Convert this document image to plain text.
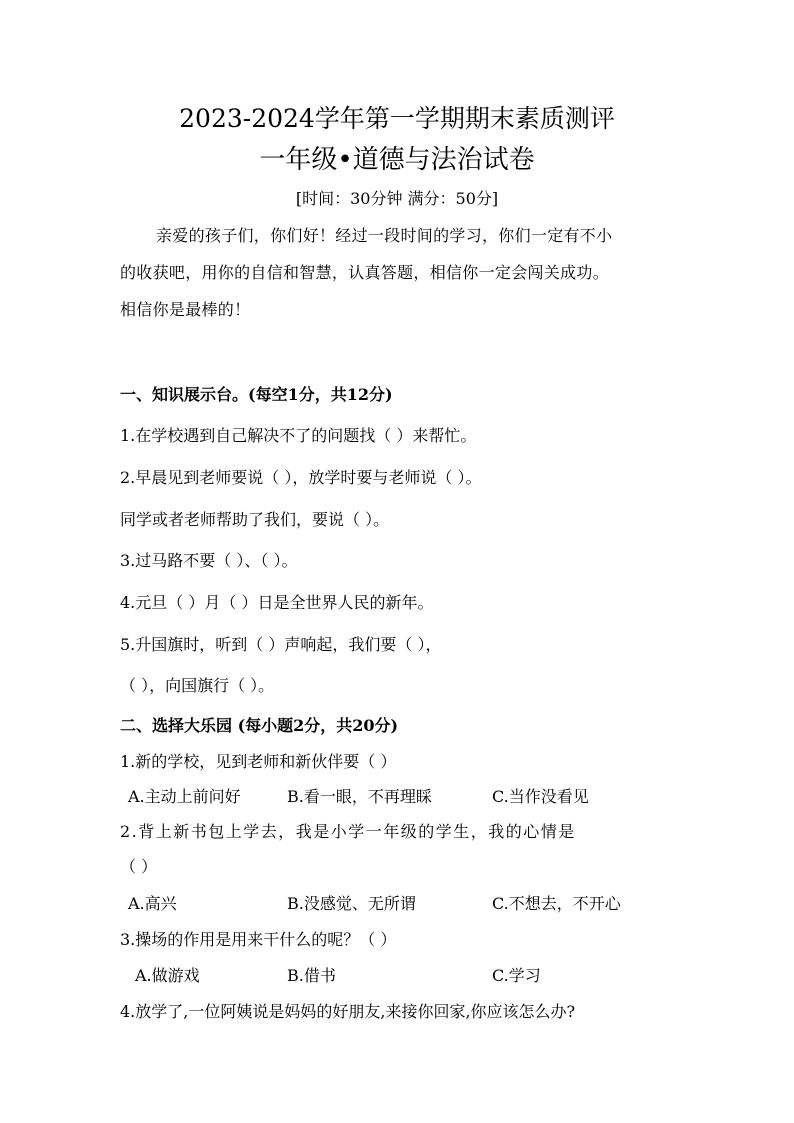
2023-2024学年第一学期期末素质测评
一年级•道德与法治试卷
[时间：30分钟 满分：50分]
亲爱的孩子们，你们好！经过一段时间的学习，你们一定有不小
的收获吧，用你的自信和智慧，认真答题，相信你一定会闯关成功。
相信你是最棒的！
一、知识展示台。(每空1分，共12分)
1.在学校遇到自己解决不了的问题找（ ）来帮忙。
2.早晨见到老师要说（ ），放学时要与老师说（ ）。
同学或者老师帮助了我们，要说（ ）。
3.过马路不要（ ）、（ ）。
4.元旦（ ）月（ ）日是全世界人民的新年。
5.升国旗时，听到（ ）声响起，我们要（ ），
（ ），向国旗行（ ）。
二、选择大乐园 (每小题2分，共20分)
1.新的学校，见到老师和新伙伴要（ ）
A.主动上前问好	B.看一眼，不再理睬	C.当作没看见
2.背上新书包上学去，我是小学一年级的学生，我的心情是
（ ）
A.高兴	B.没感觉、无所谓	C.不想去，不开心
3.操场的作用是用来干什么的呢？（ ）
A.做游戏	B.借书	C.学习
4.放学了,一位阿姨说是妈妈的好朋友,来接你回家,你应该怎么办?
